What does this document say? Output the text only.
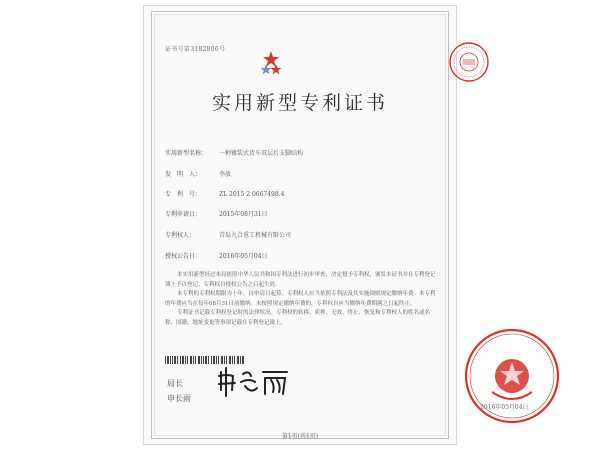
证书号第3182806号
实用新型专利证书
实用新型名称： 一种镀装式货车双层后支脚结构
发　明　人：	李放
专　利　号：	ZL 2015 2 0667498.4
专利申请日：	2015年08月31日
专利权人：	青岛九合重工机械有限公司
授权公告日：	2016年05月04日

本实用新型经过本局依照中华人民共和国专利法进行初步审查，决定授予专利权，颁发本证书并在专利登记簿上予以登记。专利权自授权公告之日起生效。

本专利的专利权期限为十年，自申请日起算。专利权人应当依照专利法及其实施细则规定缴纳年费。本专利的年费应当在每年08月31日前缴纳。未按照规定缴纳年费的，专利权自应当缴纳年费期满之日起终止。

专利证书记载专利权登记时的法律状况。专利权的转移、质押、无效、终止、恢复和专利权人的姓名或名称、国籍、地址变更等事项记载在专利登记簿上。

局长
申长雨
2016年05月04日
第1页(共1页)
